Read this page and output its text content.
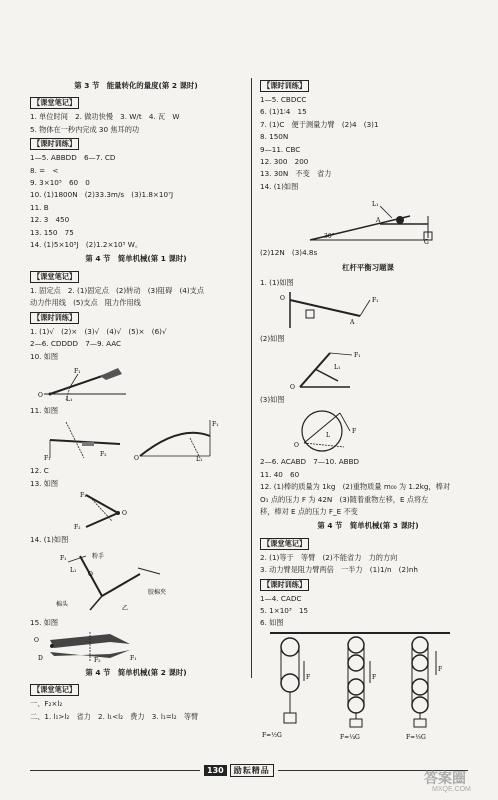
第 3 节　能量转化的量度(第 2 课时)
【课堂笔记】
1. 单位时间　2. 做功快慢　3. W/t　4. 瓦　W
5. 物体在一秒内完成 30 焦耳的功
【课时训练】
1—5. ABBDD　6—7. CD
8. =　<
9. 3×10⁵　60　0
10. (1)1800N　(2)33.3m/s　(3)1.8×10⁷J
11. B
12. 3　450
13. 150　75
14. (1)5×10⁵J　(2)1.2×10⁵ W。
第 4 节　简单机械(第 1 课时)
【课堂笔记】
1. 固定点　2. (1)固定点　(2)转动　(3)阻碍　(4)支点
动力作用线　(5)支点　阻力作用线
【课时训练】
1. (1)√　(2)×　(3)√　(4)√　(5)×　(6)√
2—6. CDDDD　7—9. AAC
10. 如图
O
F₁
L₁
11. 如图
F₁
F₂
F₁
L₁
O
12. C
13. 如图
F₁
F₂
O
14. (1)如图
F₁
L₁
O
粉手
胶棉夹
棉头
乙
15. 如图
O
D	F₂	F₁
第 4 节　简单机械(第 2 课时)
【课堂笔记】
一、F₂×l₂
二、1. l₁>l₂　省力　2. l₁<l₂　费力　3. l₁=l₂　等臂
【课时训练】
1—5. CBDCC
6. (1)1∶4　15
7. (1)C　便于测量力臂　(2)4　(3)1
8. 150N
9—11. CBC
12. 300　200
13. 30N　不变　省力
14. (1)如图
L₁
A
30°
G
(2)12N　(3)4.8s
杠杆平衡习题课
1. (1)如图
F₁
O
A
(2)如图
F₁
L₁
O
(3)如图
F
O
L
2—6. ACABD　7—10. ABBD
11. 40　60
12. (1)棒的质量为 1kg　(2)重物质量 m₀₀ 为 1.2kg，棒对
O₁ 点的压力 F 为 42N　(3)随着重物左移，E 点将左
移，棒对 E 点的压力 F_E 不变
第 4 节　简单机械(第 3 课时)
【课堂笔记】
2. (1)等于　等臂　(2)不能省力　力的方向
3. 动力臂是阻力臂两倍　一半力　(1)1/n　(2)nh
【课时训练】
1—4. CADC
5. 1×10³　15
6. 如图
F
F=½G
F
F=¼G
F
F=⅕G
130	励耘精品
答案圈
MXQE.COM
